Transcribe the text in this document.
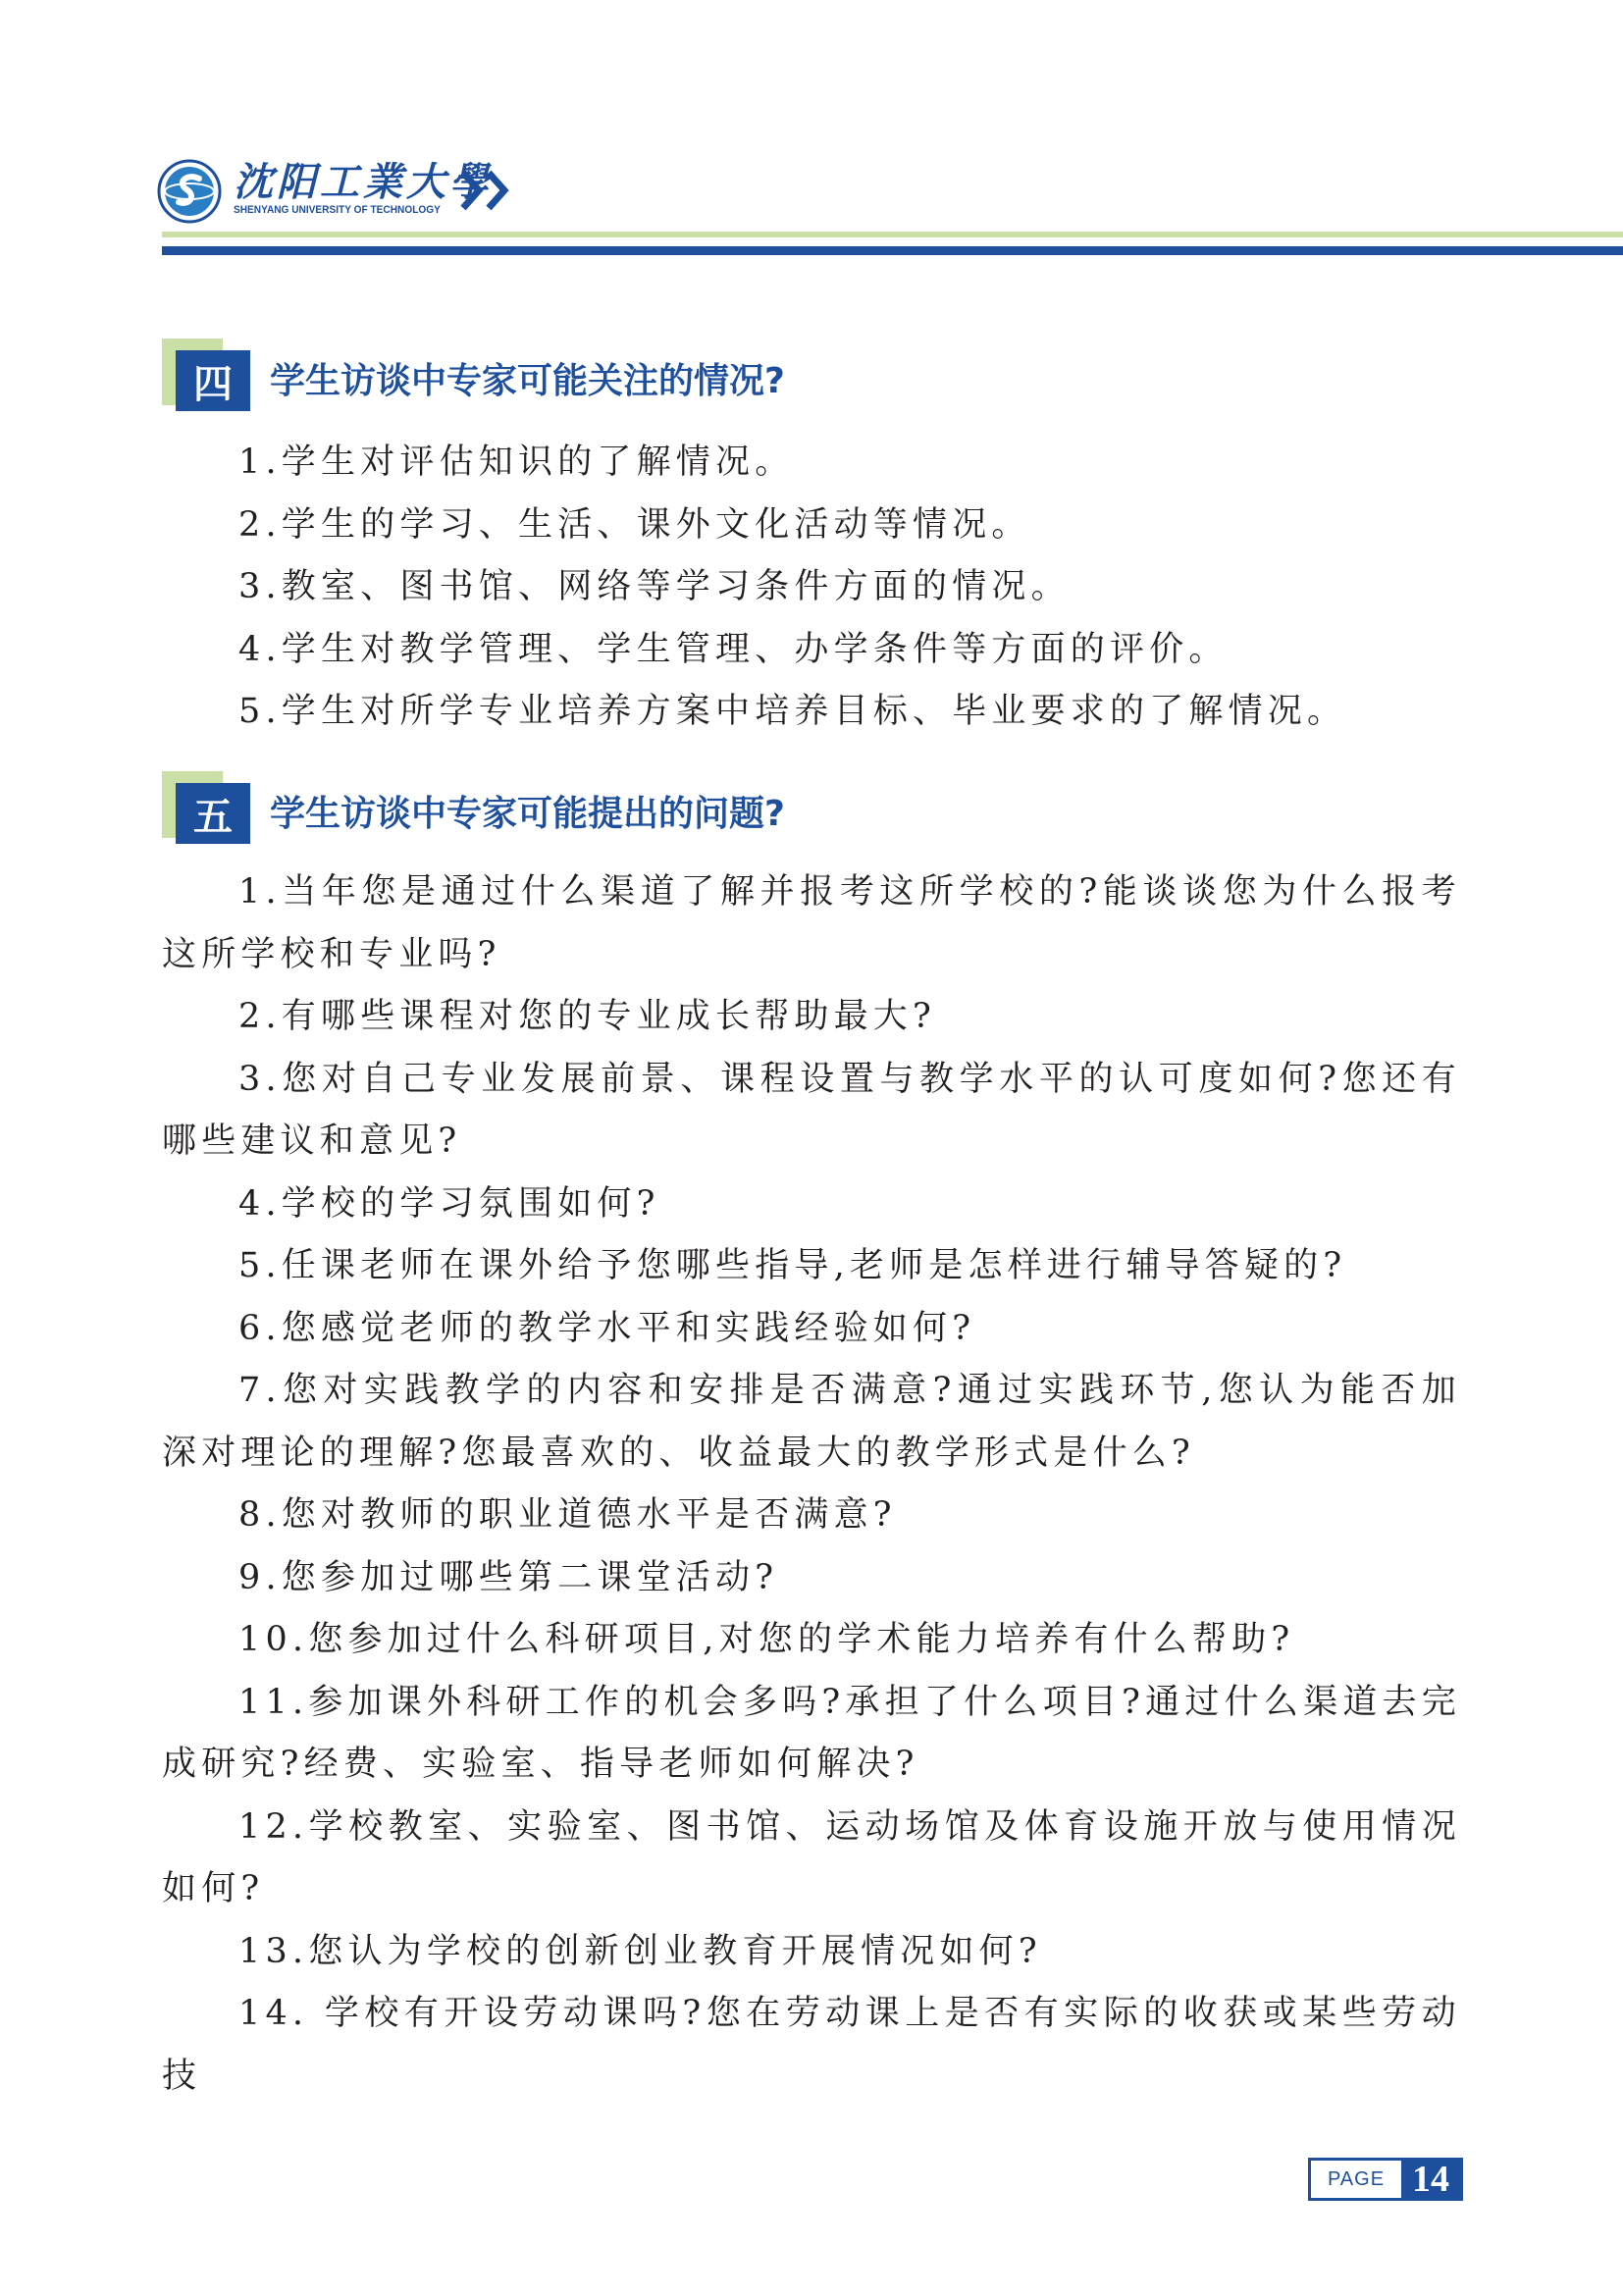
沈阳工業大學
SHENYANG UNIVERSITY OF TECHNOLOGY
四	学生访谈中专家可能关注的情况?
1.学生对评估知识的了解情况。
2.学生的学习、生活、课外文化活动等情况。
3.教室、图书馆、网络等学习条件方面的情况。
4.学生对教学管理、学生管理、办学条件等方面的评价。
5.学生对所学专业培养方案中培养目标、毕业要求的了解情况。
五	学生访谈中专家可能提出的问题?
1.当年您是通过什么渠道了解并报考这所学校的?能谈谈您为什么报考这所学校和专业吗?
2.有哪些课程对您的专业成长帮助最大?
3.您对自己专业发展前景、课程设置与教学水平的认可度如何?您还有哪些建议和意见?
4.学校的学习氛围如何?
5.任课老师在课外给予您哪些指导,老师是怎样进行辅导答疑的?
6.您感觉老师的教学水平和实践经验如何?
7.您对实践教学的内容和安排是否满意?通过实践环节,您认为能否加深对理论的理解?您最喜欢的、收益最大的教学形式是什么?
8.您对教师的职业道德水平是否满意?
9.您参加过哪些第二课堂活动?
10.您参加过什么科研项目,对您的学术能力培养有什么帮助?
11.参加课外科研工作的机会多吗?承担了什么项目?通过什么渠道去完成研究?经费、实验室、指导老师如何解决?
12.学校教室、实验室、图书馆、运动场馆及体育设施开放与使用情况如何?
13.您认为学校的创新创业教育开展情况如何?
14. 学校有开设劳动课吗?您在劳动课上是否有实际的收获或某些劳动技
PAGE 14
